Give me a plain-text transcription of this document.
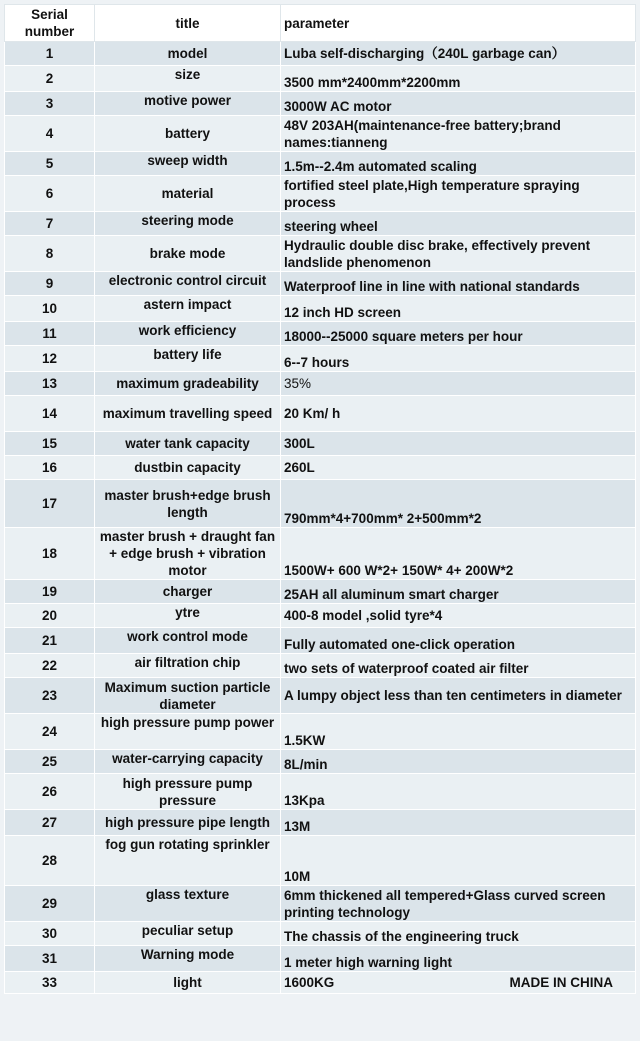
Serial number	title	parameter
1	model	Luba self-discharging（240L garbage can）
2	size	3500 mm*2400mm*2200mm
3	motive power	3000W AC motor
4	battery	48V 203AH(maintenance-free battery;brand names:tianneng
5	sweep width	1.5m--2.4m automated scaling
6	material	fortified steel plate,High temperature spraying process
7	steering mode	steering wheel
8	brake mode	Hydraulic double disc brake, effectively prevent landslide phenomenon
9	electronic control circuit	Waterproof line in line with national standards
10	astern impact	12 inch HD screen
11	work efficiency	18000--25000 square meters per hour
12	battery life	6--7 hours
13	maximum gradeability	35%
14	maximum travelling speed	20 Km/ h
15	water tank capacity	300L
16	dustbin capacity	260L
17	master brush+edge brush length	790mm*4+700mm* 2+500mm*2
18	master brush + draught fan + edge brush + vibration motor	1500W+ 600 W*2+ 150W* 4+ 200W*2
19	charger	25AH all aluminum smart charger
20	ytre	400-8 model ,solid tyre*4
21	work control mode	Fully automated one-click operation
22	air filtration chip	two sets of waterproof coated air filter
23	Maximum suction particle diameter	A lumpy object less than ten centimeters in diameter
24	high pressure pump power	1.5KW
25	water-carrying capacity	8L/min
26	high pressure pump pressure	13Kpa
27	high pressure pipe length	13M
28	fog gun rotating sprinkler	10M
29	glass texture	6mm thickened all tempered+Glass curved screen printing technology
30	peculiar setup	The chassis of the engineering truck
31	Warning mode	1 meter high warning light
33	light	1600KG MADE IN CHINA
